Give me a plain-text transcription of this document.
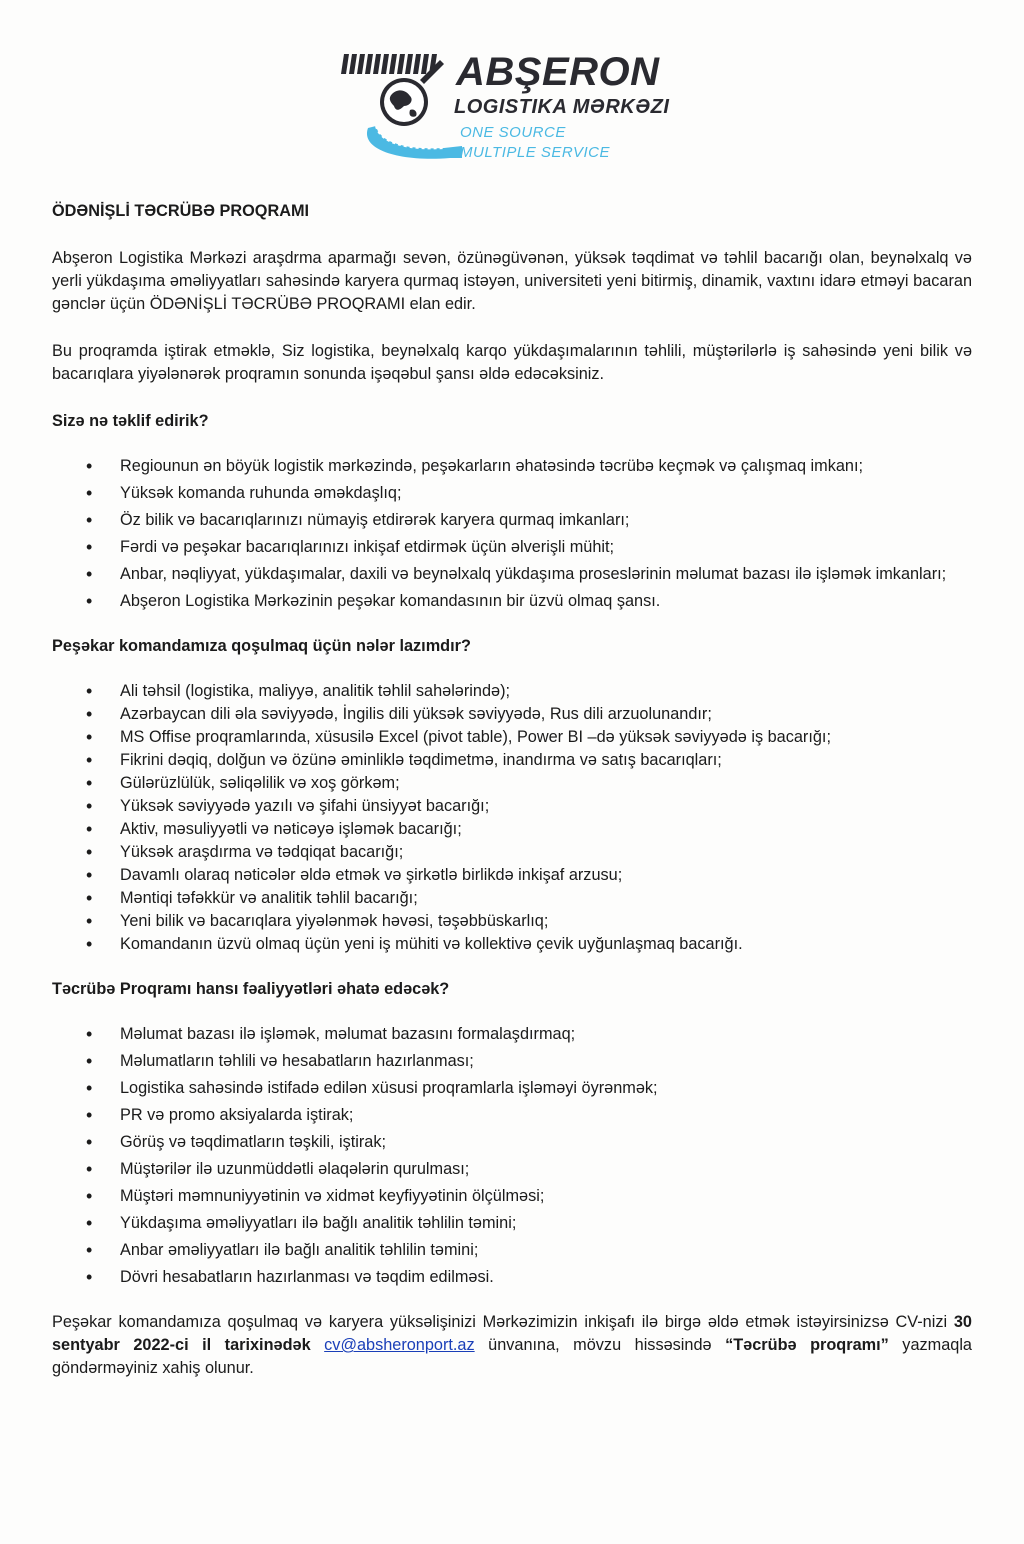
ABŞERON
LOGISTIKA MƏRKƏZI
ONE SOURCE
MULTIPLE SERVICE
ÖDƏNİŞLİ TƏCRÜBƏ PROQRAMI

Abşeron Logistika Mərkəzi araşdrma aparmağı sevən, özünəgüvənən, yüksək təqdimat və təhlil bacarığı olan, beynəlxalq və yerli yükdaşıma əməliyyatları sahəsində karyera qurmaq istəyən, universiteti yeni bitirmiş, dinamik, vaxtını idarə etməyi bacaran gənclər üçün ÖDƏNİŞLİ TƏCRÜBƏ PROQRAMI elan edir.

Bu proqramda iştirak etməklə, Siz logistika, beynəlxalq karqo yükdaşımalarının təhlili, müştərilərlə iş sahəsində yeni bilik və bacarıqlara yiyələnərək proqramın sonunda işəqəbul şansı əldə edəcəksiniz.

Sizə nə təklif edirik?
• Regiounun ən böyük logistik mərkəzində, peşəkarların əhatəsində təcrübə keçmək və çalışmaq imkanı;
• Yüksək komanda ruhunda əməkdaşlıq;
• Öz bilik və bacarıqlarınızı nümayiş etdirərək karyera qurmaq imkanları;
• Fərdi və peşəkar bacarıqlarınızı inkişaf etdirmək üçün əlverişli mühit;
• Anbar, nəqliyyat, yükdaşımalar, daxili və beynəlxalq yükdaşıma proseslərinin məlumat bazası ilə işləmək imkanları;
• Abşeron Logistika Mərkəzinin peşəkar komandasının bir üzvü olmaq şansı.
Peşəkar komandamıza qoşulmaq üçün nələr lazımdır?
• Ali təhsil (logistika, maliyyə, analitik təhlil sahələrində);
• Azərbaycan dili əla səviyyədə, İngilis dili yüksək səviyyədə, Rus dili arzuolunandır;
• MS Offise proqramlarında, xüsusilə Excel (pivot table), Power BI –də yüksək səviyyədə iş bacarığı;
• Fikrini dəqiq, dolğun və özünə əminliklə təqdimetmə, inandırma və satış bacarıqları;
• Gülərüzlülük, səliqəlilik və xoş görkəm;
• Yüksək səviyyədə yazılı və şifahi ünsiyyət bacarığı;
• Aktiv, məsuliyyətli və nəticəyə işləmək bacarığı;
• Yüksək araşdırma və tədqiqat bacarığı;
• Davamlı olaraq nəticələr əldə etmək və şirkətlə birlikdə inkişaf arzusu;
• Məntiqi təfəkkür və analitik təhlil bacarığı;
• Yeni bilik və bacarıqlara yiyələnmək həvəsi, təşəbbüskarlıq;
• Komandanın üzvü olmaq üçün yeni iş mühiti və kollektivə çevik uyğunlaşmaq bacarığı.
Təcrübə Proqramı hansı fəaliyyətləri əhatə edəcək?
• Məlumat bazası ilə işləmək, məlumat bazasını formalaşdırmaq;
• Məlumatların təhlili və hesabatların hazırlanması;
• Logistika sahəsində istifadə edilən xüsusi proqramlarla işləməyi öyrənmək;
• PR və promo aksiyalarda iştirak;
• Görüş və təqdimatların təşkili, iştirak;
• Müştərilər ilə uzunmüddətli əlaqələrin qurulması;
• Müştəri məmnuniyyətinin və xidmət keyfiyyətinin ölçülməsi;
• Yükdaşıma əməliyyatları ilə bağlı analitik təhlilin təmini;
• Anbar əməliyyatları ilə bağlı analitik təhlilin təmini;
• Dövri hesabatların hazırlanması və təqdim edilməsi.

Peşəkar komandamıza qoşulmaq və karyera yüksəlişinizi Mərkəzimizin inkişafı ilə birgə əldə etmək istəyirsinizsə CV-nizi 30 sentyabr 2022-ci il tarixinədək cv@absheronport.az ünvanına, mövzu hissəsində “Təcrübə proqramı” yazmaqla göndərməyiniz xahiş olunur.
